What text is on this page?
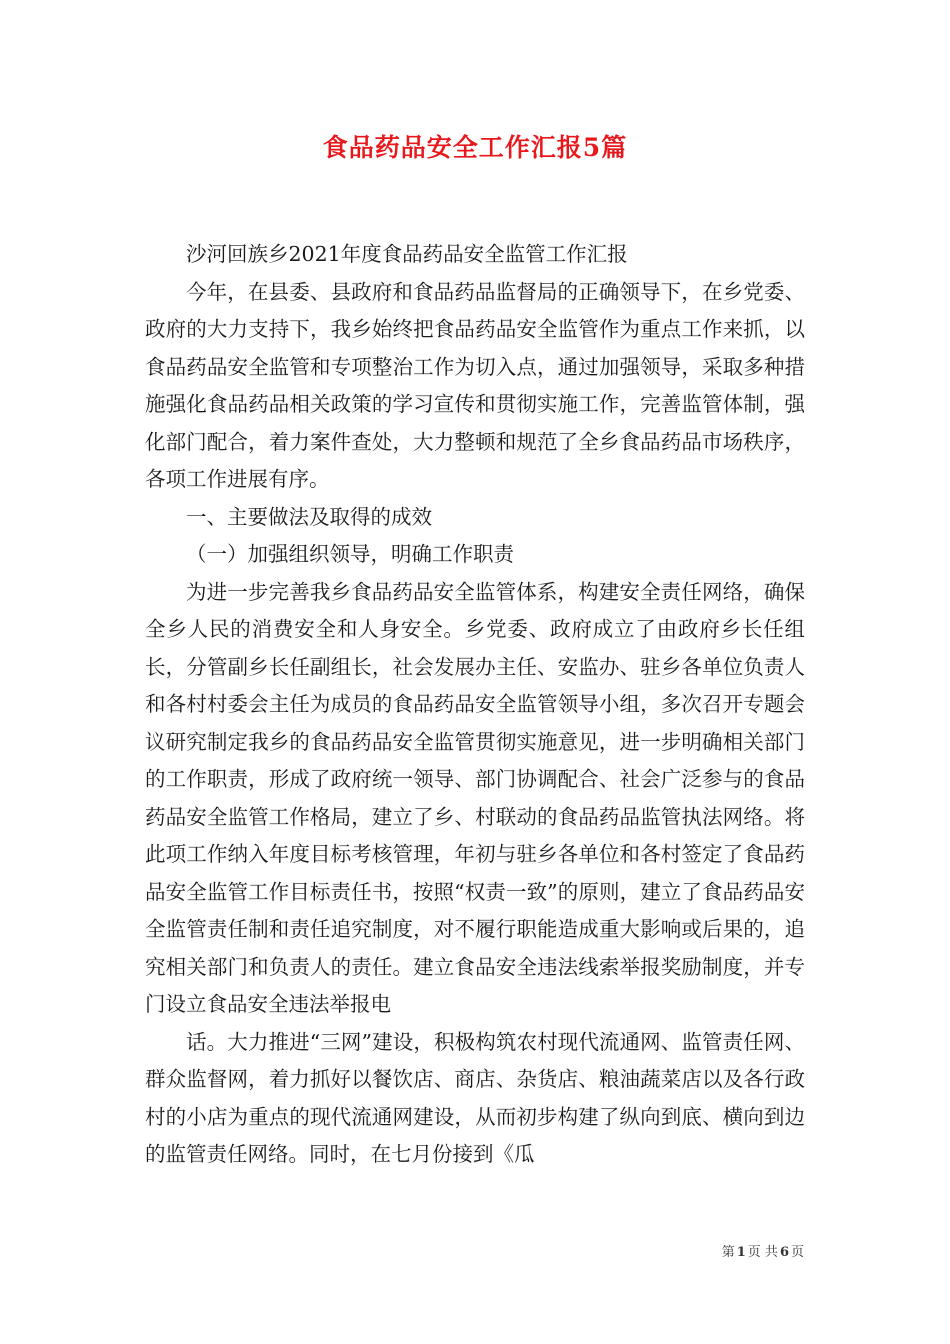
食品药品安全工作汇报5篇

沙河回族乡2021年度食品药品安全监管工作汇报

今年，在县委、县政府和食品药品监督局的正确领导下，在乡党委、政府的大力支持下，我乡始终把食品药品安全监管作为重点工作来抓，以食品药品安全监管和专项整治工作为切入点，通过加强领导，采取多种措施强化食品药品相关政策的学习宣传和贯彻实施工作，完善监管体制，强化部门配合，着力案件查处，大力整顿和规范了全乡食品药品市场秩序，各项工作进展有序。

一、主要做法及取得的成效

（一）加强组织领导，明确工作职责

为进一步完善我乡食品药品安全监管体系，构建安全责任网络，确保全乡人民的消费安全和人身安全。乡党委、政府成立了由政府乡长任组长，分管副乡长任副组长，社会发展办主任、安监办、驻乡各单位负责人和各村村委会主任为成员的食品药品安全监管领导小组，多次召开专题会议研究制定我乡的食品药品安全监管贯彻实施意见，进一步明确相关部门的工作职责，形成了政府统一领导、部门协调配合、社会广泛参与的食品药品安全监管工作格局，建立了乡、村联动的食品药品监管执法网络。将此项工作纳入年度目标考核管理，年初与驻乡各单位和各村签定了食品药品安全监管工作目标责任书，按照“权责一致”的原则，建立了食品药品安全监管责任制和责任追究制度，对不履行职能造成重大影响或后果的，追究相关部门和负责人的责任。建立食品安全违法线索举报奖励制度，并专门设立食品安全违法举报电

话。大力推进“三网”建设，积极构筑农村现代流通网、监管责任网、群众监督网，着力抓好以餐饮店、商店、杂货店、粮油蔬菜店以及各行政村的小店为重点的现代流通网建设，从而初步构建了纵向到底、横向到边的监管责任网络。同时，在七月份接到《瓜

第 1 页 共 6 页
